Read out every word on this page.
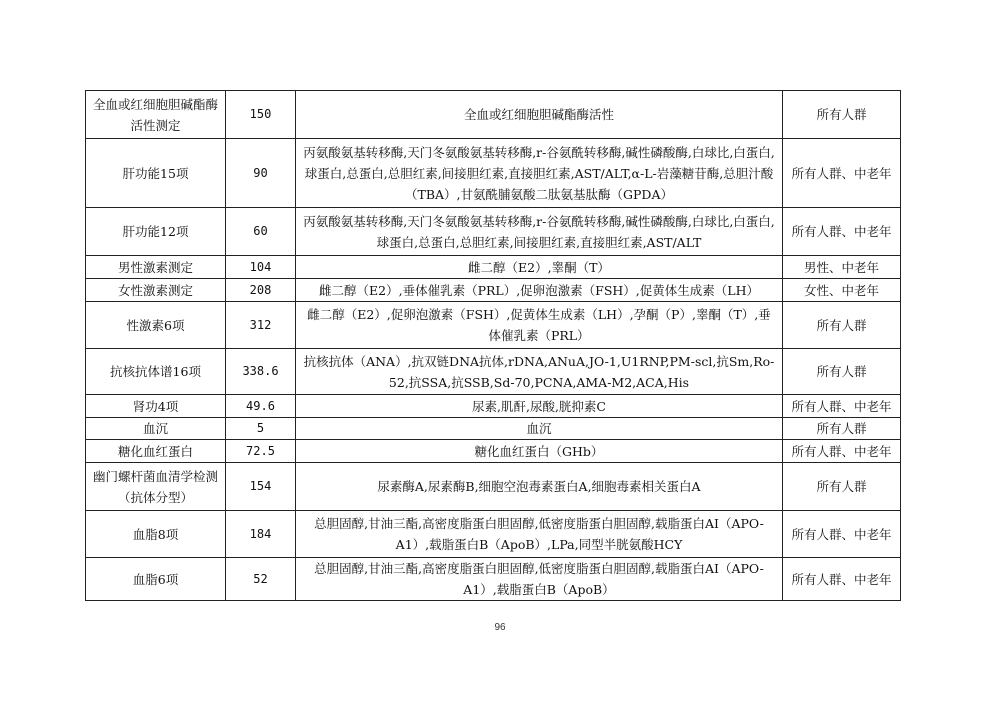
全血或红细胞胆碱酯酶活性测定	150	全血或红细胞胆碱酯酶活性	所有人群
肝功能15项	90	丙氨酸氨基转移酶,天门冬氨酸氨基转移酶,r-谷氨酰转移酶,碱性磷酸酶,白球比,白蛋白,球蛋白,总蛋白,总胆红素,间接胆红素,直接胆红素,AST/ALT,α-L-岩藻糖苷酶,总胆汁酸（TBA）,甘氨酰脯氨酸二肽氨基肽酶（GPDA）	所有人群、中老年
肝功能12项	60	丙氨酸氨基转移酶,天门冬氨酸氨基转移酶,r-谷氨酰转移酶,碱性磷酸酶,白球比,白蛋白,球蛋白,总蛋白,总胆红素,间接胆红素,直接胆红素,AST/ALT	所有人群、中老年
男性激素测定	104	雌二醇（E2）,睾酮（T）	男性、中老年
女性激素测定	208	雌二醇（E2）,垂体催乳素（PRL）,促卵泡激素（FSH）,促黄体生成素（LH）	女性、中老年
性激素6项	312	雌二醇（E2）,促卵泡激素（FSH）,促黄体生成素（LH）,孕酮（P）,睾酮（T）,垂体催乳素（PRL）	所有人群
抗核抗体谱16项	338.6	抗核抗体（ANA）,抗双链DNA抗体,rDNA,ANuA,JO-1,U1RNP,PM-scl,抗Sm,Ro-52,抗SSA,抗SSB,Sd-70,PCNA,AMA-M2,ACA,His	所有人群
肾功4项	49.6	尿素,肌酐,尿酸,胱抑素C	所有人群、中老年
血沉	5	血沉	所有人群
糖化血红蛋白	72.5	糖化血红蛋白（GHb）	所有人群、中老年
幽门螺杆菌血清学检测（抗体分型）	154	尿素酶A,尿素酶B,细胞空泡毒素蛋白A,细胞毒素相关蛋白A	所有人群
血脂8项	184	总胆固醇,甘油三酯,高密度脂蛋白胆固醇,低密度脂蛋白胆固醇,载脂蛋白AI（APO-A1）,载脂蛋白B（ApoB）,LPa,同型半胱氨酸HCY	所有人群、中老年
血脂6项	52	总胆固醇,甘油三酯,高密度脂蛋白胆固醇,低密度脂蛋白胆固醇,载脂蛋白AI（APO-A1）,载脂蛋白B（ApoB）	所有人群、中老年
96
